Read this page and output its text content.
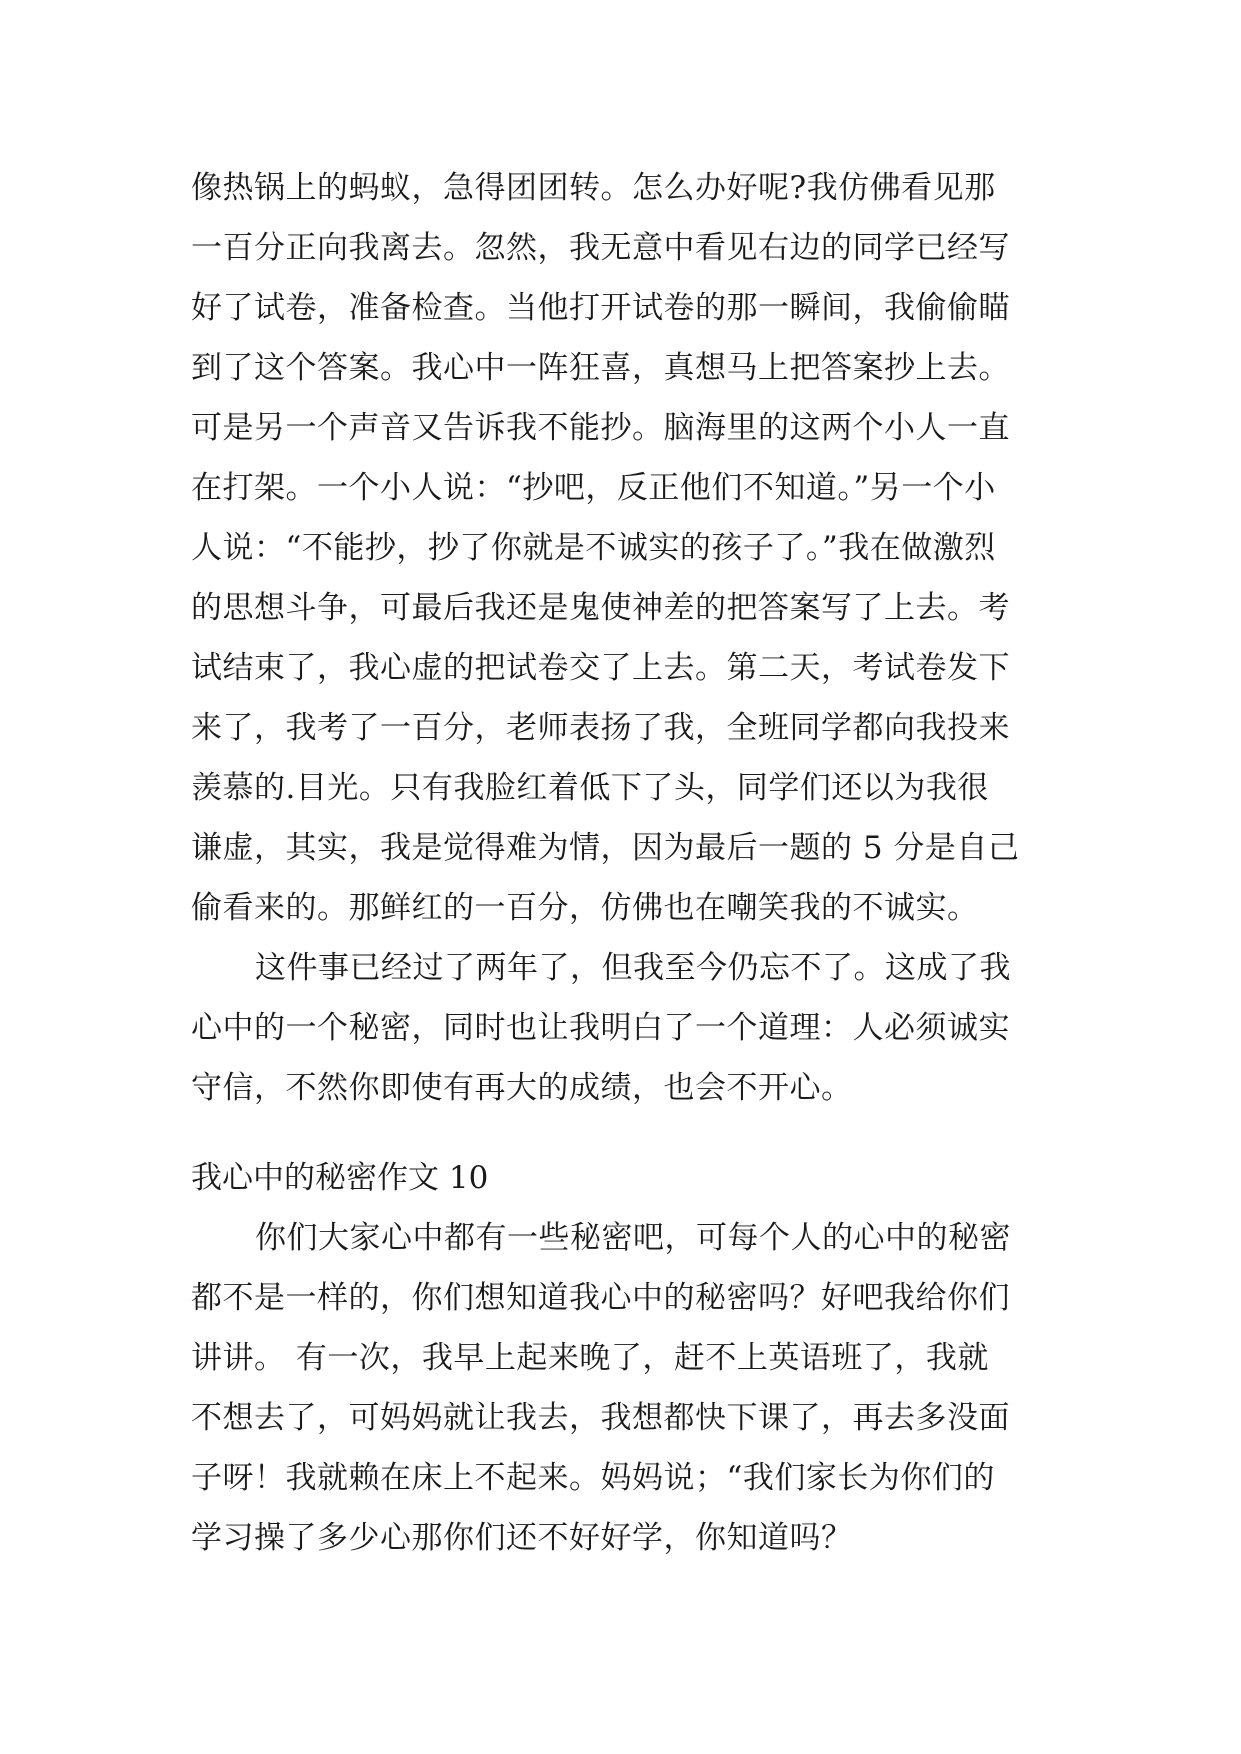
像热锅上的蚂蚁，急得团团转。怎么办好呢?我仿佛看见那
一百分正向我离去。忽然，我无意中看见右边的同学已经写
好了试卷，准备检查。当他打开试卷的那一瞬间，我偷偷瞄
到了这个答案。我心中一阵狂喜，真想马上把答案抄上去。
可是另一个声音又告诉我不能抄。脑海里的这两个小人一直
在打架。一个小人说：“抄吧，反正他们不知道。”另一个小
人说：“不能抄，抄了你就是不诚实的孩子了。”我在做激烈
的思想斗争，可最后我还是鬼使神差的把答案写了上去。考
试结束了，我心虚的把试卷交了上去。第二天，考试卷发下
来了，我考了一百分，老师表扬了我，全班同学都向我投来
羡慕的.目光。只有我脸红着低下了头，同学们还以为我很
谦虚，其实，我是觉得难为情，因为最后一题的 5 分是自己
偷看来的。那鲜红的一百分，仿佛也在嘲笑我的不诚实。
这件事已经过了两年了，但我至今仍忘不了。这成了我
心中的一个秘密，同时也让我明白了一个道理：人必须诚实
守信，不然你即使有再大的成绩，也会不开心。
我心中的秘密作文 10
你们大家心中都有一些秘密吧，可每个人的心中的秘密
都不是一样的，你们想知道我心中的秘密吗？好吧我给你们
讲讲。 有一次，我早上起来晚了，赶不上英语班了，我就
不想去了，可妈妈就让我去，我想都快下课了，再去多没面
子呀！我就赖在床上不起来。妈妈说；“我们家长为你们的
学习操了多少心那你们还不好好学，你知道吗？
